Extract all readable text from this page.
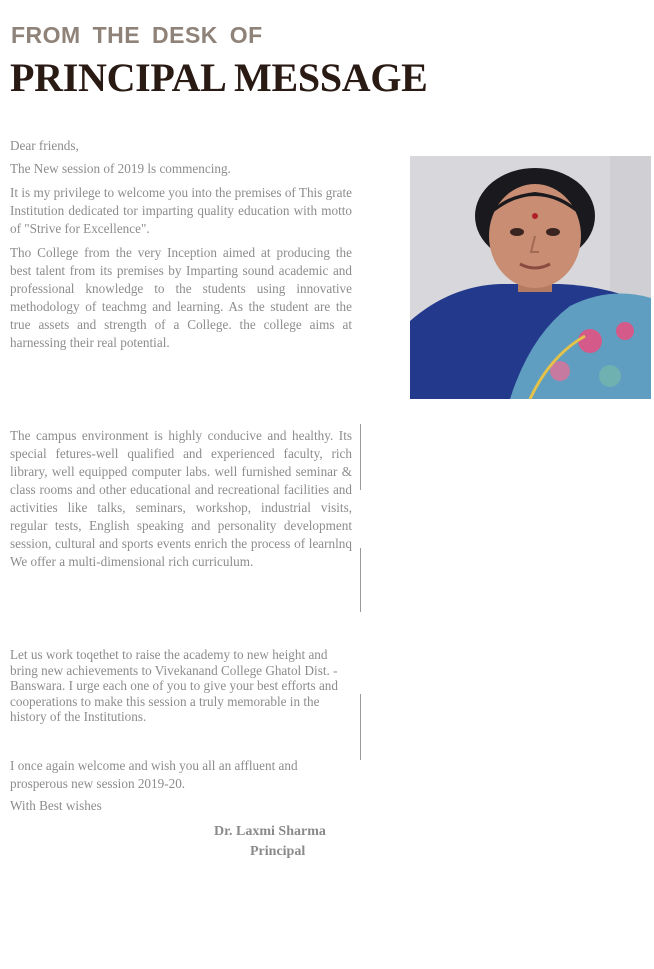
FROM THE DESK OF
PRINCIPAL MESSAGE
Dear friends,
The New session of 2019 ls commencing.
It is my privilege to welcome you into the premises of This grate Institution dedicated tor imparting quality education with motto of "Strive for Excellence".
Tho College from the very Inception aimed at producing the best talent from its premises by Imparting sound academic and professional knowledge to the students using innovative methodology of teachmg and learning. As the student are the true assets and strength of a College. the college aims at harnessing their real potential.
The campus environment is highly conducive and healthy. Its special fetures-well qualified and experienced faculty, rich library, well equipped computer labs. well furnished seminar & class rooms and other educational and recreational facilities and activities like talks, seminars, workshop, industrial visits, regular tests, English speaking and personality development session, cultural and sports events enrich the process of learnlnq We offer a multi-dimensional rich curriculum.
Let us work toqethet to raise the academy to new height and bring new achievements to Vivekanand College Ghatol Dist. - Banswara. I urge each one of you to give your best efforts and cooperations to make this session a truly memorable in the history of the Institutions.
I once again welcome and wish you all an affluent and prosperous new session 2019-20.
With Best wishes
Dr. Laxmi Sharma
Principal
